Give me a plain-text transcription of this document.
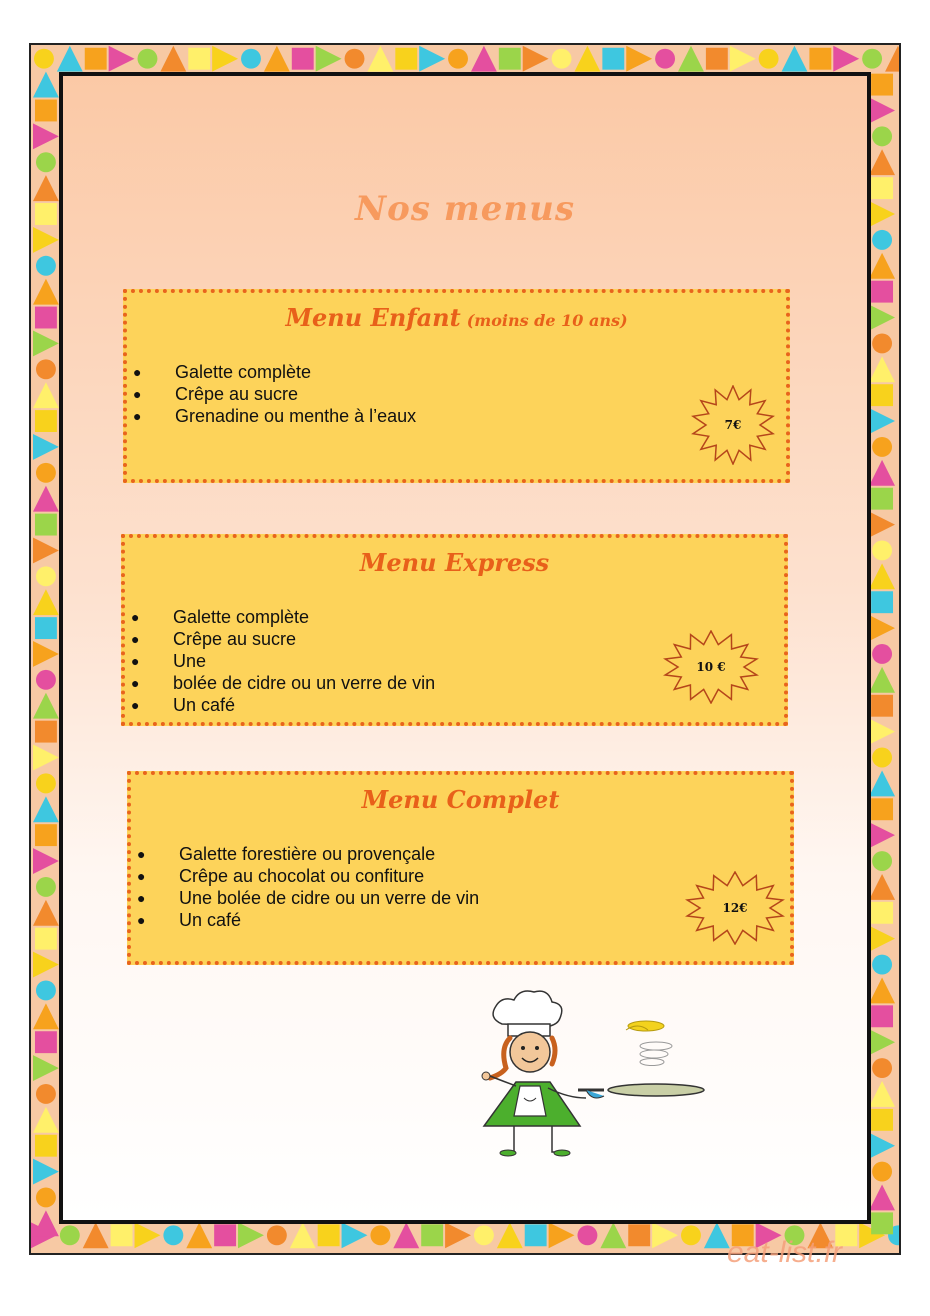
Nos menus
Menu Enfant (moins de 10 ans)
● Galette complète
● Crêpe au sucre
● Grenadine ou menthe à l’eaux	7€
Menu Express
● Galette complète
● Crêpe au sucre
● Une
● bolée de cidre ou un verre de vin
● Un café
10 €
Menu Complet
● Galette forestière ou provençale
● Crêpe au chocolat ou confiture
● Une bolée de cidre ou un verre de vin
● Un café
12€
eat-list.fr
